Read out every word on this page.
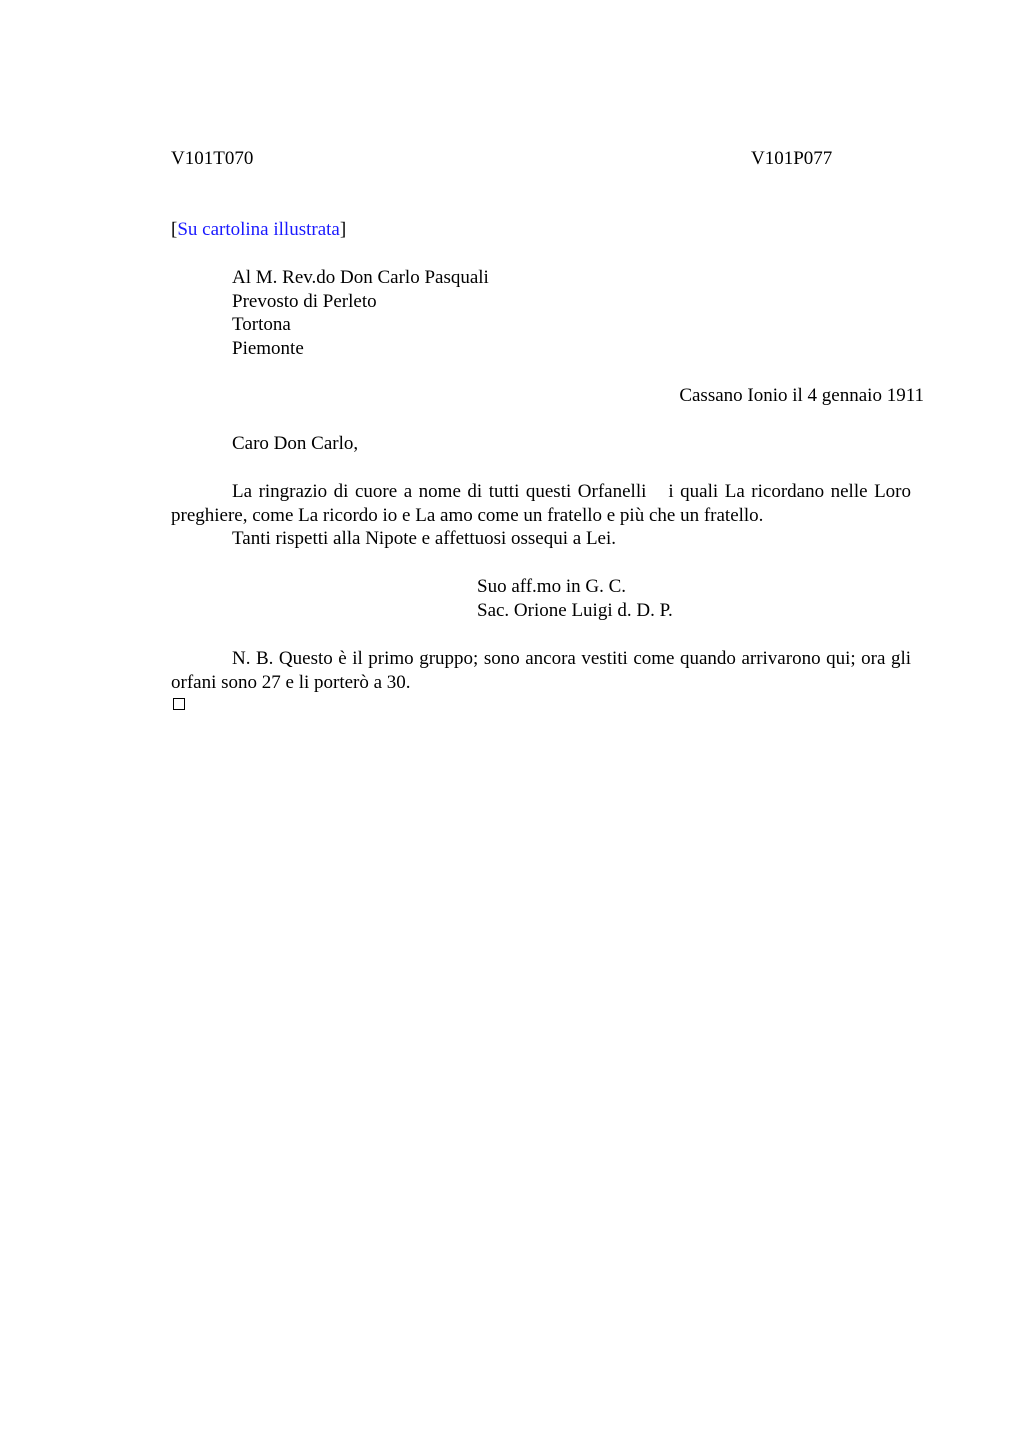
V101T070	V101P077
[Su cartolina illustrata]
Al M. Rev.do Don Carlo Pasquali
Prevosto di Perleto
Tortona
Piemonte
Cassano Ionio il 4 gennaio 1911
Caro Don Carlo,
La ringrazio di cuore a nome di tutti questi Orfanelli i quali La ricordano nelle Loro preghiere, come La ricordo io e La amo come un fratello e più che un fratello.
Tanti rispetti alla Nipote e affettuosi ossequi a Lei.
Suo aff.mo in G. C.
Sac. Orione Luigi d. D. P.
N. B. Questo è il primo gruppo; sono ancora vestiti come quando arrivarono qui; ora gli orfani sono 27 e li porterò a 30.
